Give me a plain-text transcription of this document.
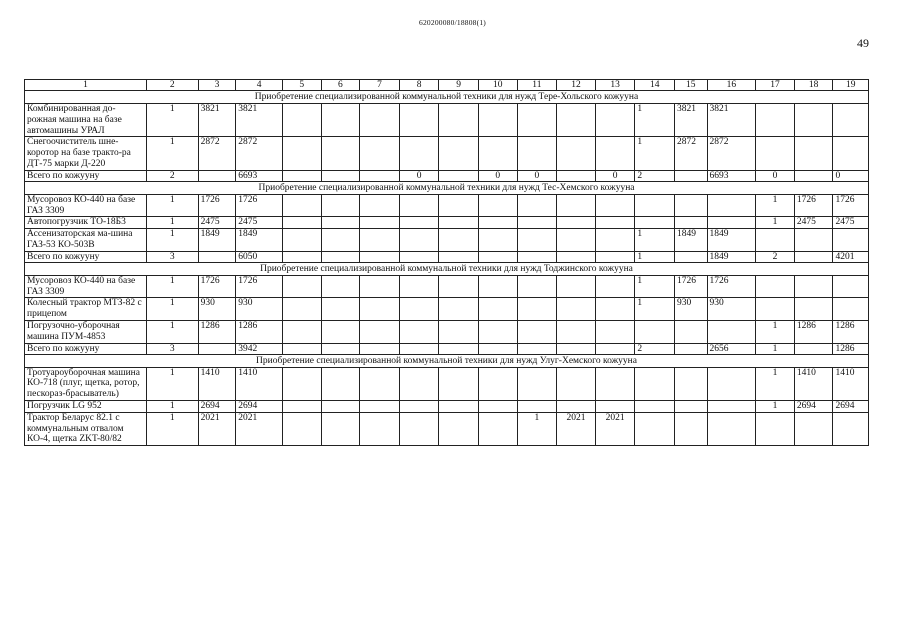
620200080/18808(1)
49
1	2	3	4	5	6	7	8	9	10	11	12	13	14	15	16	17	18	19
Приобретение специализированной коммунальной техники для нужд Тере-Хольского кожууна																		
Комбинированная до-рожная машина на базе автомашины УРАЛ	1	3821	3821										1	3821	3821			
Снегоочиститель шне-коротор на базе тракто-ра ДТ-75 марки Д-220	1	2872	2872										1	2872	2872			
Всего по кожууну	2		6693				0		0	0		0	2		6693	0		0
Приобретение специализированной коммунальной техники для нужд Тес-Хемского кожууна																		
Мусоровоз КО-440 на базе ГАЗ 3309	1	1726	1726													1	1726	1726
Автопогрузчик ТО-18Б3	1	2475	2475													1	2475	2475
Ассенизаторская ма-шина ГАЗ-53 КО-503В	1	1849	1849										1	1849	1849			
Всего по кожууну	3		6050										1		1849	2		4201
Приобретение специализированной коммунальной техники для нужд Тоджинского кожууна																		
Мусоровоз КО-440 на базе ГАЗ 3309	1	1726	1726										1	1726	1726			
Колесный трактор МТЗ-82 с прицепом	1	930	930										1	930	930			
Погрузочно-уборочная машина ПУМ-4853	1	1286	1286													1	1286	1286
Всего по кожууну	3		3942										2		2656	1		1286
Приобретение специализированной коммунальной техники для нужд Улуг-Хемского кожууна																		
Тротуароуборочная машина КО-718 (плуг, щетка, ротор, пескораз-брасыватель)	1	1410	1410													1	1410	1410
Погрузчик LG 952	1	2694	2694													1	2694	2694
Трактор Беларус 82.1 с коммунальным отвалом КО-4, щетка ZKT-80/82	1	2021	2021							1	2021	2021						
